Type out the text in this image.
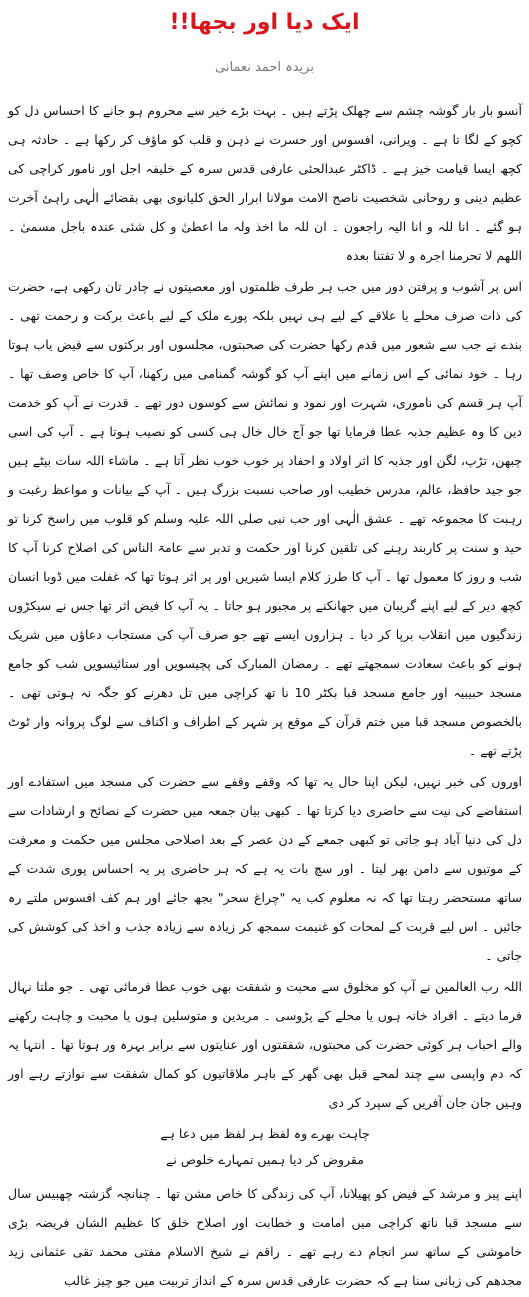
ایک دیا اور بجھا!!
بریدہ احمد نعمانی

آنسو بار بار گوشہ چشم سے چھلک پڑتے ہیں ۔ بہت بڑے خیر سے محروم ہو جانے کا احساس دل کو کچو کے لگا تا ہے ۔ ویرانی، افسوس اور حسرت نے ذہن و قلب کو ماؤف کر رکھا ہے ۔ حادثہ ہی کچھ ایسا قیامت خیز ہے ۔ ڈاکٹر عبدالحئی عارفی قدس سرہ کے خلیفہ اجل اور نامور کراچی کی عظیم دینی و روحانی شخصیت ناصح الامت مولانا ابرار الحق کلیانوی بھی بقضائے الٰہی راہئ آخرت ہو گئے ۔ انا للہ و انا الیہ راجعون ۔ ان للہ ما اخذ ولہ ما اعطیٰ و کل شئی عندہ باجل مسمیٰ ۔ اللھم لا تحرمنا اجرہ و لا تفتنا بعدہ

اس پر آشوب و پرفتن دور میں جب ہر طرف ظلمتوں اور معصیتوں نے چادر تان رکھی ہے، حضرت کی ذات صرف محلے یا علاقے کے لیے ہی نہیں بلکہ پورے ملک کے لیے باعث برکت و رحمت تھی ۔ بندے نے جب سے شعور میں قدم رکھا حضرت کی صحبتوں، مجلسوں اور برکتوں سے فیض یاب ہوتا رہا ۔ خود نمائی کے اس زمانے میں اپنے آپ کو گوشہ گمنامی میں رکھنا، آپ کا خاص وصف تھا ۔ آپ ہر قسم کی ناموری، شہرت اور نمود و نمائش سے کوسوں دور تھے ۔ قدرت نے آپ کو خدمت دین کا وہ عظیم جذبہ عطا فرمایا تھا جو آج خال خال ہی کسی کو نصیب ہوتا ہے ۔ آپ کی اسی چبھن، تڑپ، لگن اور جذبہ کا اثر اولاد و احفاد پر خوب خوب نظر آتا ہے ۔ ماشاء اللہ سات بیٹے ہیں جو جید حافظ، عالم، مدرس خطیب اور صاحب نسبت بزرگ ہیں ۔ آپ کے بیانات و مواعظ رغبت و رہبت کا مجموعہ تھے ۔ عشق الٰہی اور حب نبی صلی اللہ علیہ وسلم کو قلوب میں راسخ کرنا تو حید و سنت پر کاربند رہنے کی تلقین کرنا اور حکمت و تدبر سے عامۃ الناس کی اصلاح کرنا آپ کا شب و روز کا معمول تھا ۔ آپ کا طرز کلام ایسا شیریں اور پر اثر ہوتا تھا کہ غفلت میں ڈوبا انسان کچھ دیر کے لیے اپنے گریبان میں جھانکنے پر مجبور ہو جاتا ۔ یہ آپ کا فیض اثر تھا جس نے سیکڑوں زندگیوں میں انقلاب برپا کر دیا ۔ ہزاروں ایسے تھے جو صرف آپ کی مستجاب دعاؤں میں شریک ہونے کو باعث سعادت سمجھتے تھے ۔ رمضان المبارک کی پچیسویں اور ستائیسویں شب کو جامع مسجد حبیبیہ اور جامع مسجد قبا بکٹر 10 نا تھ کراچی میں تل دھرنے کو جگہ نہ ہوتی تھی ۔ بالخصوص مسجد قبا میں ختم قرآن کے موقع پر شہر کے اطراف و اکناف سے لوگ پروانہ وار ٹوٹ پڑتے تھے ۔

اوروں کی خبر نہیں، لیکن اپنا حال یہ تھا کہ وقفے وقفے سے حضرت کی مسجد میں استفادے اور استفاضے کی نیت سے حاضری دیا کرتا تھا ۔ کبھی بیان جمعہ میں حضرت کے نصائح و ارشادات سے دل کی دنیا آباد ہو جاتی تو کبھی جمعے کے دن عصر کے بعد اصلاحی مجلس میں حکمت و معرفت کے موتیوں سے دامن بھر لیتا ۔ اور سچ بات یہ ہے کہ ہر حاضری پر یہ احساس پوری شدت کے ساتھ مستحضر رہتا تھا کہ نہ معلوم کب یہ "چراغ سحر" بجھ جائے اور ہم کف افسوس ملتے رہ جائیں ۔ اس لیے قربت کے لمحات کو غنیمت سمجھ کر زیادہ سے زیادہ جذب و اخذ کی کوشش کی جاتی ۔

اللہ رب العالمین نے آپ کو مخلوق سے محبت و شفقت بھی خوب عطا فرمائی تھی ۔ جو ملتا نہال فرما دیتے ۔ افراد خانہ ہوں یا محلے کے پڑوسی ۔ مریدین و متوسلین ہوں یا محبت و چاہت رکھنے والے احباب ہر کوئی حضرت کی محبتوں، شفقتوں اور عنایتوں سے برابر بہرہ ور ہوتا تھا ۔ انتہا یہ کہ دم واپسی سے چند لمحے قبل بھی گھر کے باہر ملاقاتیوں کو کمال شفقت سے نوازتے رہے اور وہیں جان جان آفریں کے سپرد کر دی

چاہت بھرے وہ لفظ ہر لفظ میں دعا ہے
مقروض کر دیا ہمیں تمہارے خلوص نے

اپنے پیر و مرشد کے فیض کو پھیلانا، آپ کی زندگی کا خاص مشن تھا ۔ چنانچہ گزشتہ چھبیس سال سے مسجد قبا ناتھ کراچی میں امامت و خطابت اور اصلاح خلق کا عظیم الشان فریضہ بڑی خاموشی کے ساتھ سر انجام دے رہے تھے ۔ راقم نے شیخ الاسلام مفتی محمد تقی عثمانی زید مجدھم کی زبانی سنا ہے کہ حضرت عارفی قدس سرہ کے انداز تربیت میں جو چیز غالب
